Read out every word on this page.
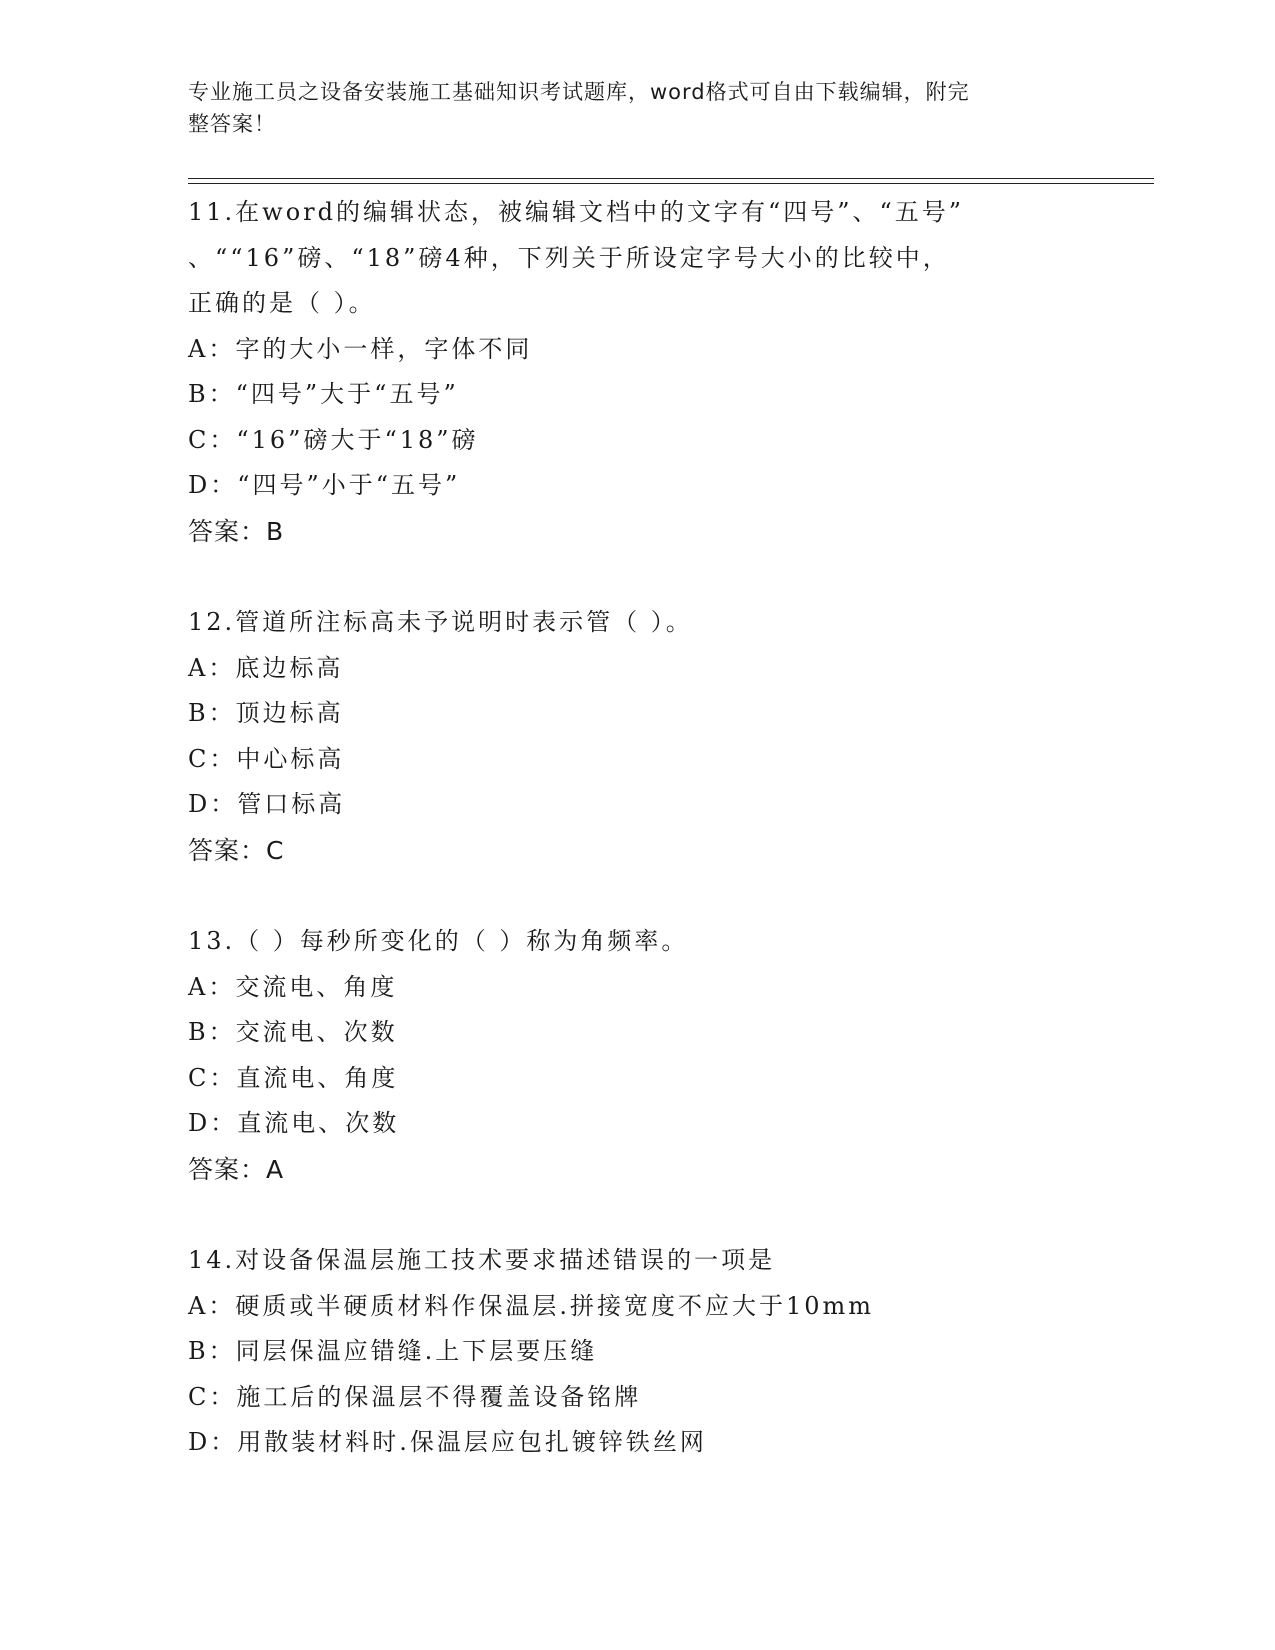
专业施工员之设备安装施工基础知识考试题库，word格式可自由下载编辑，附完
整答案！
11.在word的编辑状态，被编辑文档中的文字有“四号”、“五号”
、““16”磅、“18”磅4种，下列关于所设定字号大小的比较中，
正确的是（ ）。
A：字的大小一样，字体不同
B：“四号”大于“五号”
C：“16”磅大于“18”磅
D：“四号”小于“五号”
答案：B
12.管道所注标高未予说明时表示管（ ）。
A：底边标高
B：顶边标高
C：中心标高
D：管口标高
答案：C
13.（ ）每秒所变化的（ ）称为角频率。
A：交流电、角度
B：交流电、次数
C：直流电、角度
D：直流电、次数
答案：A
14.对设备保温层施工技术要求描述错误的一项是
A：硬质或半硬质材料作保温层.拼接宽度不应大于10mm
B：同层保温应错缝.上下层要压缝
C：施工后的保温层不得覆盖设备铭牌
D：用散装材料时.保温层应包扎镀锌铁丝网
